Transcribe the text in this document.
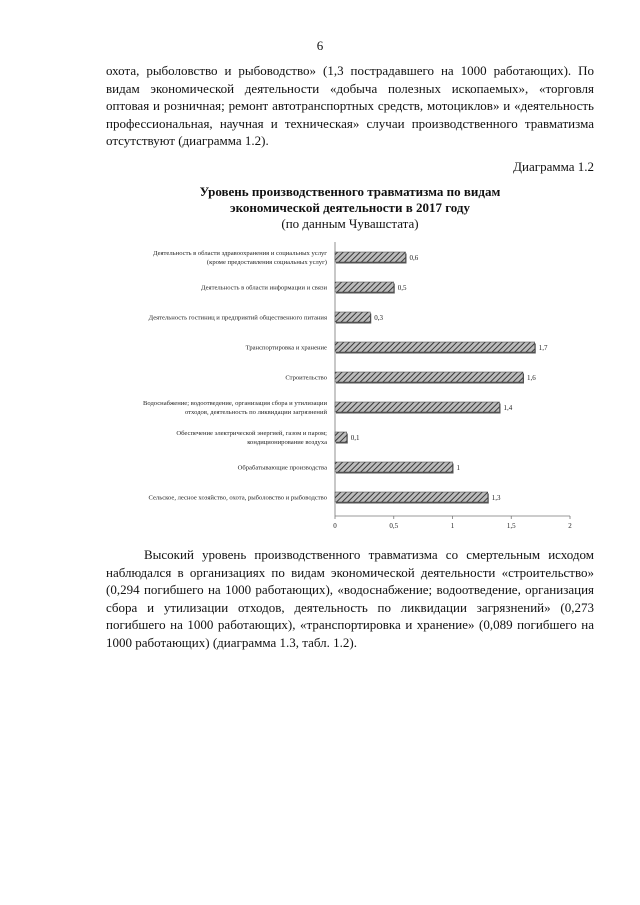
6

охота, рыболовство и рыбоводство» (1,3 пострадавшего на 1000 работающих). По видам экономической деятельности «добыча полезных ископаемых», «торговля оптовая и розничная; ремонт автотранспортных средств, мотоциклов» и «деятельность профессиональная, научная и техническая» случаи производственного травматизма отсутствуют (диаграмма 1.2).

Диаграмма 1.2
Уровень производственного травматизма по видам
экономической деятельности в 2017 году
(по данным Чувашстата)
Деятельность в области здравоохранения и социальных услуг (кроме предоставления социальных услуг)
0,6
Деятельность в области информации и связи	0,5
Деятельность гостиниц и предприятий общественного питания	0,3
Транспортировка и хранение	1,7
Строительство	1,6
Водоснабжение; водоотведение, организация сбора и утилизации отходов, деятельность по ликвидации загрязнений
1,4
Обеспечение электрической энергией, газом и паром; кондиционирование воздуха
0,1
Обрабатывающие производства	1
Сельское, лесное хозяйство, охота, рыболовство и рыбоводство	1,3
0	0,5	1	1,5	2

Высокий уровень производственного травматизма со смертельным исходом наблюдался в организациях по видам экономической деятельности «строительство» (0,294 погибшего на 1000 работающих), «водоснабжение; водоотведение, организация сбора и утилизации отходов, деятельность по ликвидации загрязнений» (0,273 погибшего на 1000 работающих), «транспортировка и хранение» (0,089 погибшего на 1000 работающих) (диаграмма 1.3, табл. 1.2).
